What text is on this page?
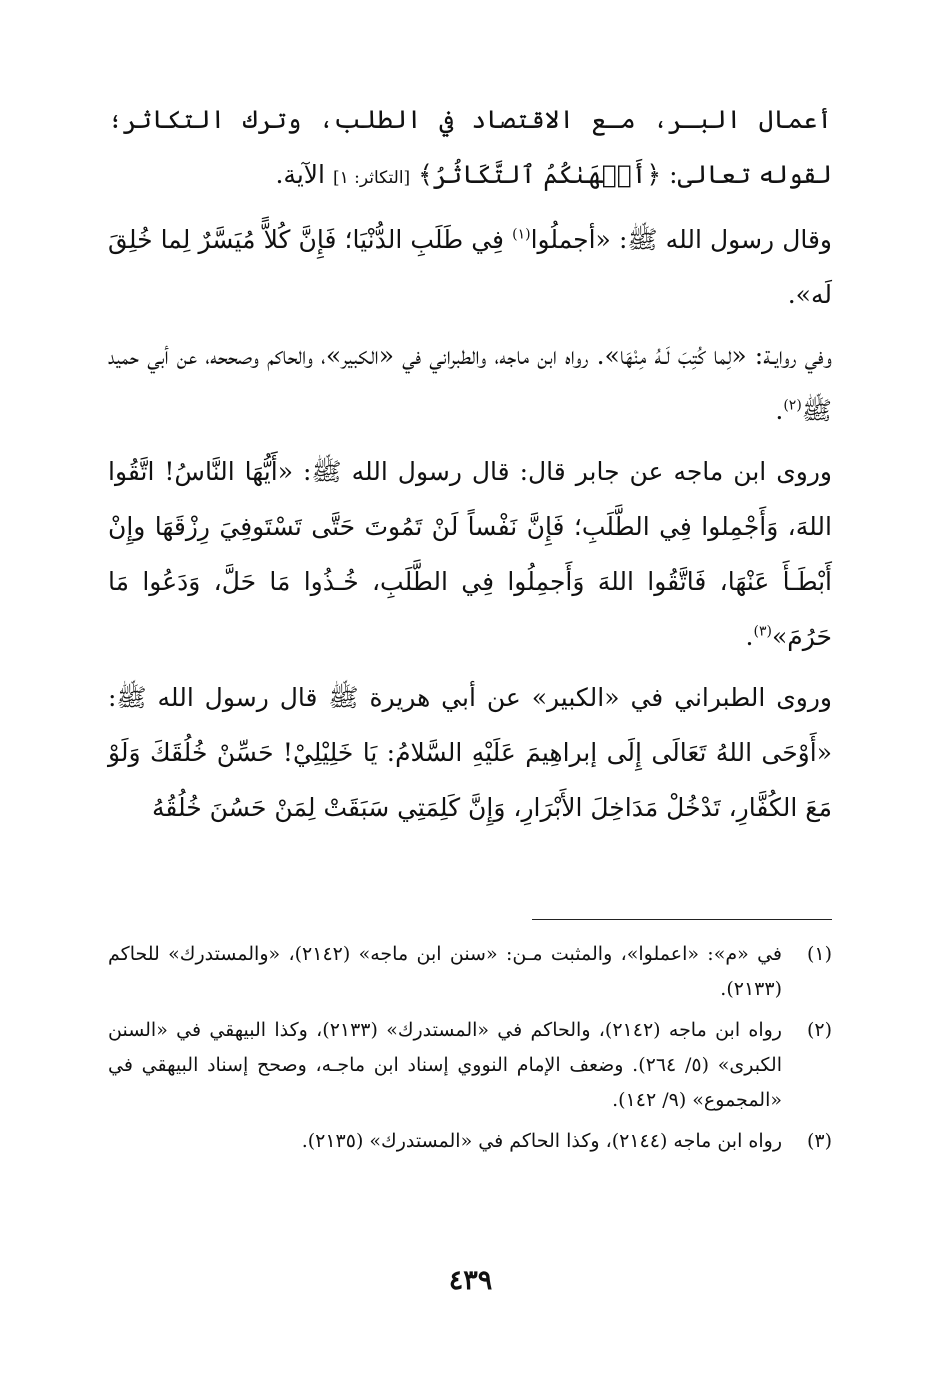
أعمال البـر، مـع الاقتصاد في الطلب، وترك التكاثر؛ لقوله تعالى: ﴿أَلۡهَىٰكُمُ ٱلتَّكَاثُرُ﴾ [التكاثر: ١] الآية.

وقال رسول الله ﷺ: «أجملُوا$^{(١)}$ فِي طَلَبِ الدُّنْيَا؛ فَإِنَّ كُلاًّ مُيَسَّرٌ لِما خُلِقَ لَه».

وفي روايـة: «لِما كُتِبَ لَـهُ مِنْهَا». رواه ابن ماجه، والطبراني في «الكبير»، والحاكم وصححه، عن أبي حميد ﷺ$^{(٢)}$.

وروى ابن ماجه عن جابر قال: قال رسول الله ﷺ: «أَيُّهَا النَّاسُ! اتَّقُوا اللهَ، وَأَجْمِلوا فِي الطَّلَبِ؛ فَإِنَّ نَفْساً لَنْ تَمُوتَ حَتَّى تَسْتَوفِيَ رِزْقَهَا وإِنْ أَبْطَـأَ عَنْهَا، فَاتَّقُوا اللهَ وَأَجمِلُوا فِي الطَّلَبِ، خُـذُوا مَا حَلَّ، وَدَعُوا مَا حَرُمَ»$^{(٣)}$.

وروى الطبراني في «الكبير» عن أبي هريرة ﷺ قال رسول الله ﷺ: «أَوْحَى اللهُ تَعَالَى إِلَى إبراهِيمَ عَلَيْهِ السَّلامُ: يَا خَلِيْلِيْ! حَسِّنْ خُلُقَكَ وَلَوْ مَعَ الكُفَّارِ، تَدْخُلْ مَدَاخِلَ الأَبْرَارِ، وَإِنَّ كَلِمَتِي سَبَقَتْ لِمَنْ حَسُنَ خُلُقُهُ

(١)
في «م»: «اعملوا»، والمثبت مـن: «سنن ابن ماجه» (٢١٤٢)، «والمستدرك» للحاكم (٢١٣٣).
(٢)
رواه ابن ماجه (٢١٤٢)، والحاكم في «المستدرك» (٢١٣٣)، وكذا البيهقي في «السنن الكبرى» (٥/ ٢٦٤). وضعف الإمام النووي إسناد ابن ماجـه، وصحح إسناد البيهقي في «المجموع» (٩/ ١٤٢).
(٣)
رواه ابن ماجه (٢١٤٤)، وكذا الحاكم في «المستدرك» (٢١٣٥).
٤٣٩
